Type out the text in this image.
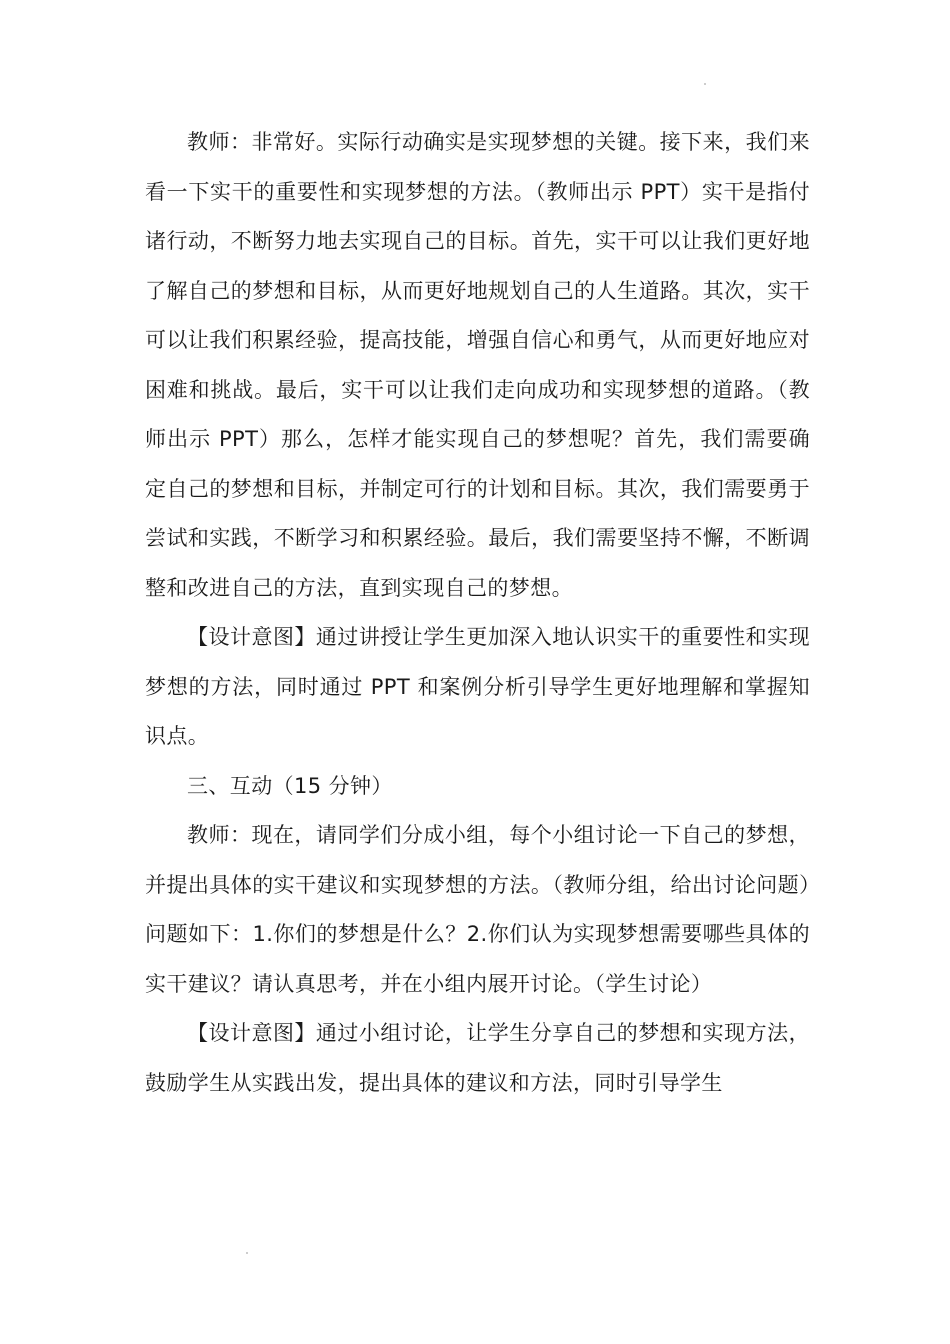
教师：非常好。实际行动确实是实现梦想的关键。接下来，我们来看一下实干的重要性和实现梦想的方法。（教师出示 PPT）实干是指付诸行动，不断努力地去实现自己的目标。首先，实干可以让我们更好地了解自己的梦想和目标，从而更好地规划自己的人生道路。其次，实干可以让我们积累经验，提高技能，增强自信心和勇气，从而更好地应对困难和挑战。最后，实干可以让我们走向成功和实现梦想的道路。（教师出示 PPT）那么，怎样才能实现自己的梦想呢？首先，我们需要确定自己的梦想和目标，并制定可行的计划和目标。其次，我们需要勇于尝试和实践，不断学习和积累经验。最后，我们需要坚持不懈，不断调整和改进自己的方法，直到实现自己的梦想。

【设计意图】通过讲授让学生更加深入地认识实干的重要性和实现梦想的方法，同时通过 PPT 和案例分析引导学生更好地理解和掌握知识点。

三、互动（15 分钟）

教师：现在，请同学们分成小组，每个小组讨论一下自己的梦想，并提出具体的实干建议和实现梦想的方法。（教师分组，给出讨论问题）问题如下：1.你们的梦想是什么？2.你们认为实现梦想需要哪些具体的实干建议？请认真思考，并在小组内展开讨论。（学生讨论）

【设计意图】通过小组讨论，让学生分享自己的梦想和实现方法，鼓励学生从实践出发，提出具体的建议和方法，同时引导学生
